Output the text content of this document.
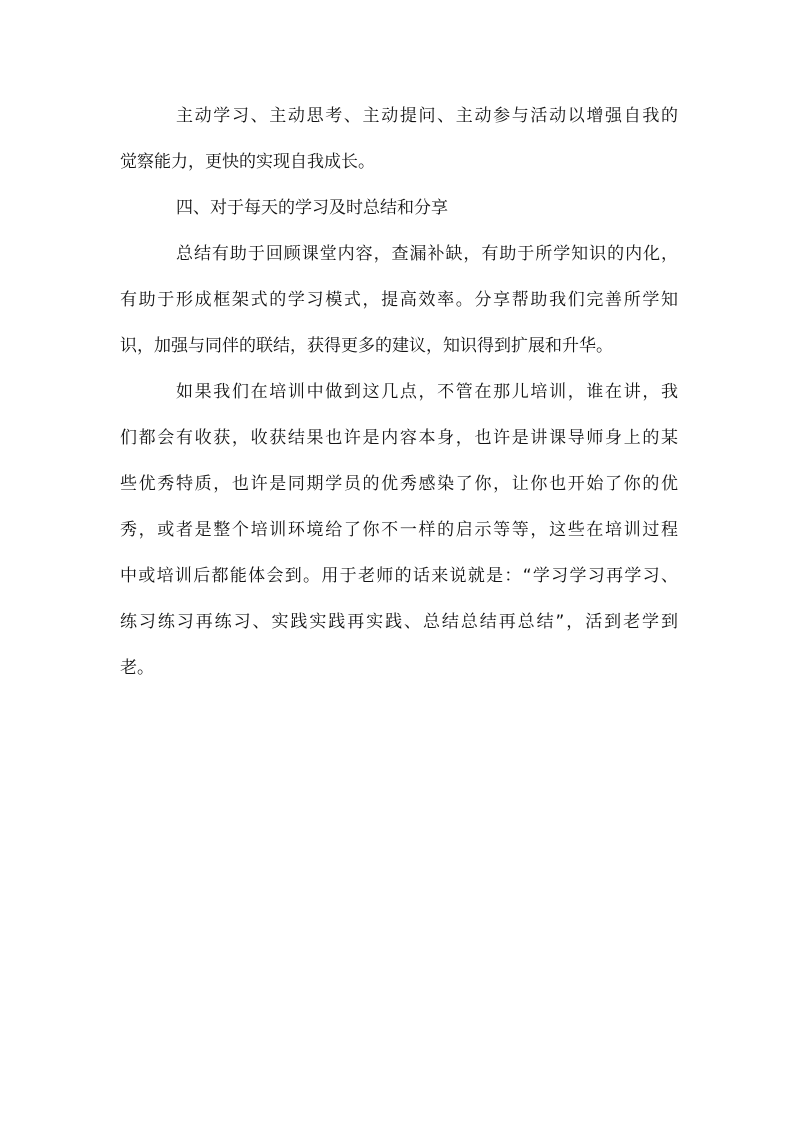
主动学习、主动思考、主动提问、主动参与活动以增强自我的
觉察能力，更快的实现自我成长。
四、对于每天的学习及时总结和分享
总结有助于回顾课堂内容，查漏补缺，有助于所学知识的内化，
有助于形成框架式的学习模式，提高效率。分享帮助我们完善所学知
识，加强与同伴的联结，获得更多的建议，知识得到扩展和升华。
如果我们在培训中做到这几点，不管在那儿培训，谁在讲，我
们都会有收获，收获结果也许是内容本身，也许是讲课导师身上的某
些优秀特质，也许是同期学员的优秀感染了你，让你也开始了你的优
秀，或者是整个培训环境给了你不一样的启示等等，这些在培训过程
中或培训后都能体会到。用于老师的话来说就是：“学习学习再学习、
练习练习再练习、实践实践再实践、总结总结再总结”，活到老学到
老。
